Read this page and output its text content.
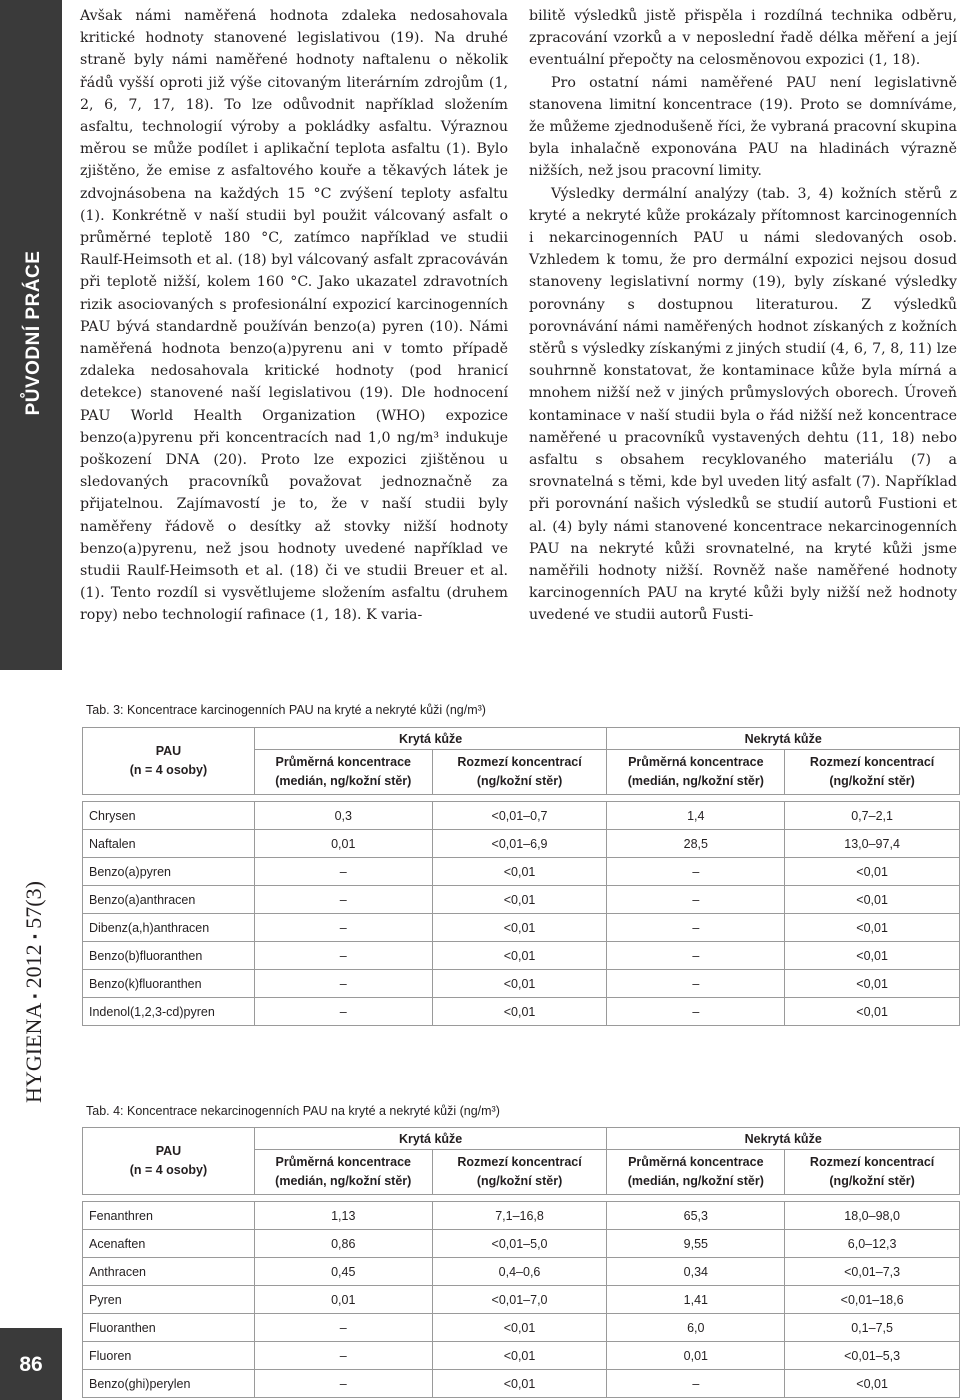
PŮVODNÍ PRÁCE
HYGIENA ▪ 2012 ▪ 57(3)
86

Avšak námi naměřená hodnota zdaleka nedosahovala kritické hodnoty stanovené legislativou (19). Na druhé straně byly námi naměřené hodnoty naftalenu o několik řádů vyšší oproti již výše citovaným literárním zdrojům (1, 2, 6, 7, 17, 18). To lze odůvodnit například složením asfaltu, technologií výroby a pokládky asfaltu. Výraznou měrou se může podílet i aplikační teplota asfaltu (1). Bylo zjištěno, že emise z asfaltového kouře a těkavých látek je zdvojnásobena na každých 15 °C zvýšení teploty asfaltu (1). Konkrétně v naší studii byl použit válcovaný asfalt o průměrné teplotě 180 °C, zatímco například ve studii Raulf-Heimsoth et al. (18) byl válcovaný asfalt zpracováván při teplotě nižší, kolem 160 °C. Jako ukazatel zdravotních rizik asociovaných s profesionální expozicí karcinogenních PAU bývá standardně používán benzo(a) pyren (10). Námi naměřená hodnota benzo(a)pyrenu ani v tomto případě zdaleka nedosahovala kritické hodnoty (pod hranicí detekce) stanovené naší legislativou (19). Dle hodnocení PAU World Health Organization (WHO) expozice benzo(a)pyrenu při koncentracích nad 1,0 ng/m³ indukuje poškození DNA (20). Proto lze expozici zjištěnou u sledovaných pracovníků považovat jednoznačně za přijatelnou. Zajímavostí je to, že v naší studii byly naměřeny řádově o desítky až stovky nižší hodnoty benzo(a)pyrenu, než jsou hodnoty uvedené například ve studii Raulf-Heimsoth et al. (18) či ve studii Breuer et al. (1). Tento rozdíl si vysvětlujeme složením asfaltu (druhem ropy) nebo technologií rafinace (1, 18). K varia-

bilitě výsledků jistě přispěla i rozdílná technika odběru, zpracování vzorků a v neposlední řadě délka měření a její eventuální přepočty na celosměnovou expozici (1, 18).

Pro ostatní námi naměřené PAU není legislativně stanovena limitní koncentrace (19). Proto se domníváme, že můžeme zjednodušeně říci, že vybraná pracovní skupina byla inhalačně exponována PAU na hladinách výrazně nižších, než jsou pracovní limity.

Výsledky dermální analýzy (tab. 3, 4) kožních stěrů z kryté a nekryté kůže prokázaly přítomnost karcinogenních i nekarcinogenních PAU u námi sledovaných osob. Vzhledem k tomu, že pro dermální expozici nejsou dosud stanoveny legislativní normy (19), byly získané výsledky porovnány s dostupnou literaturou. Z výsledků porovnávání námi naměřených hodnot získaných z kožních stěrů s výsledky získanými z jiných studií (4, 6, 7, 8, 11) lze souhrnně konstatovat, že kontaminace kůže byla mírná a mnohem nižší než v jiných průmyslových oborech. Úroveň kontaminace v naší studii byla o řád nižší než koncentrace naměřené u pracovníků vystavených dehtu (11, 18) nebo asfaltu s obsahem recyklovaného materiálu (7) a srovnatelná s těmi, kde byl uveden litý asfalt (7). Například při porovnání našich výsledků se studií autorů Fustioni et al. (4) byly námi stanovené koncentrace nekarcinogenních PAU na nekryté kůži srovnatelné, na kryté kůži jsme naměřili hodnoty nižší. Rovněž naše naměřené hodnoty karcinogenních PAU na kryté kůži byly nižší než hodnoty uvedené ve studii autorů Fusti-

Tab. 3: Koncentrace karcinogenních PAU na kryté a nekryté kůži (ng/m³)
PAU
(n = 4 osoby)	Krytá kůže		Nekrytá kůže	
	Průměrná koncentrace
(medián, ng/kožní stěr)	Rozmezí koncentrací
(ng/kožní stěr)	Průměrná koncentrace
(medián, ng/kožní stěr)	Rozmezí koncentrací
(ng/kožní stěr)

Chrysen	0,3	<0,01–0,7	1,4	0,7–2,1
Naftalen	0,01	<0,01–6,9	28,5	13,0–97,4
Benzo(a)pyren	–	<0,01	–	<0,01
Benzo(a)anthracen	–	<0,01	–	<0,01
Dibenz(a,h)anthracen	–	<0,01	–	<0,01
Benzo(b)fluoranthen	–	<0,01	–	<0,01
Benzo(k)fluoranthen	–	<0,01	–	<0,01
Indenol(1,2,3-cd)pyren	–	<0,01	–	<0,01
Tab. 4: Koncentrace nekarcinogenních PAU na kryté a nekryté kůži (ng/m³)
PAU
(n = 4 osoby)	Krytá kůže		Nekrytá kůže	
	Průměrná koncentrace
(medián, ng/kožní stěr)	Rozmezí koncentrací
(ng/kožní stěr)	Průměrná koncentrace
(medián, ng/kožní stěr)	Rozmezí koncentrací
(ng/kožní stěr)

Fenanthren	1,13	7,1–16,8	65,3	18,0–98,0
Acenaften	0,86	<0,01–5,0	9,55	6,0–12,3
Anthracen	0,45	0,4–0,6	0,34	<0,01–7,3
Pyren	0,01	<0,01–7,0	1,41	<0,01–18,6
Fluoranthen	–	<0,01	6,0	0,1–7,5
Fluoren	–	<0,01	0,01	<0,01–5,3
Benzo(ghi)perylen	–	<0,01	–	<0,01
